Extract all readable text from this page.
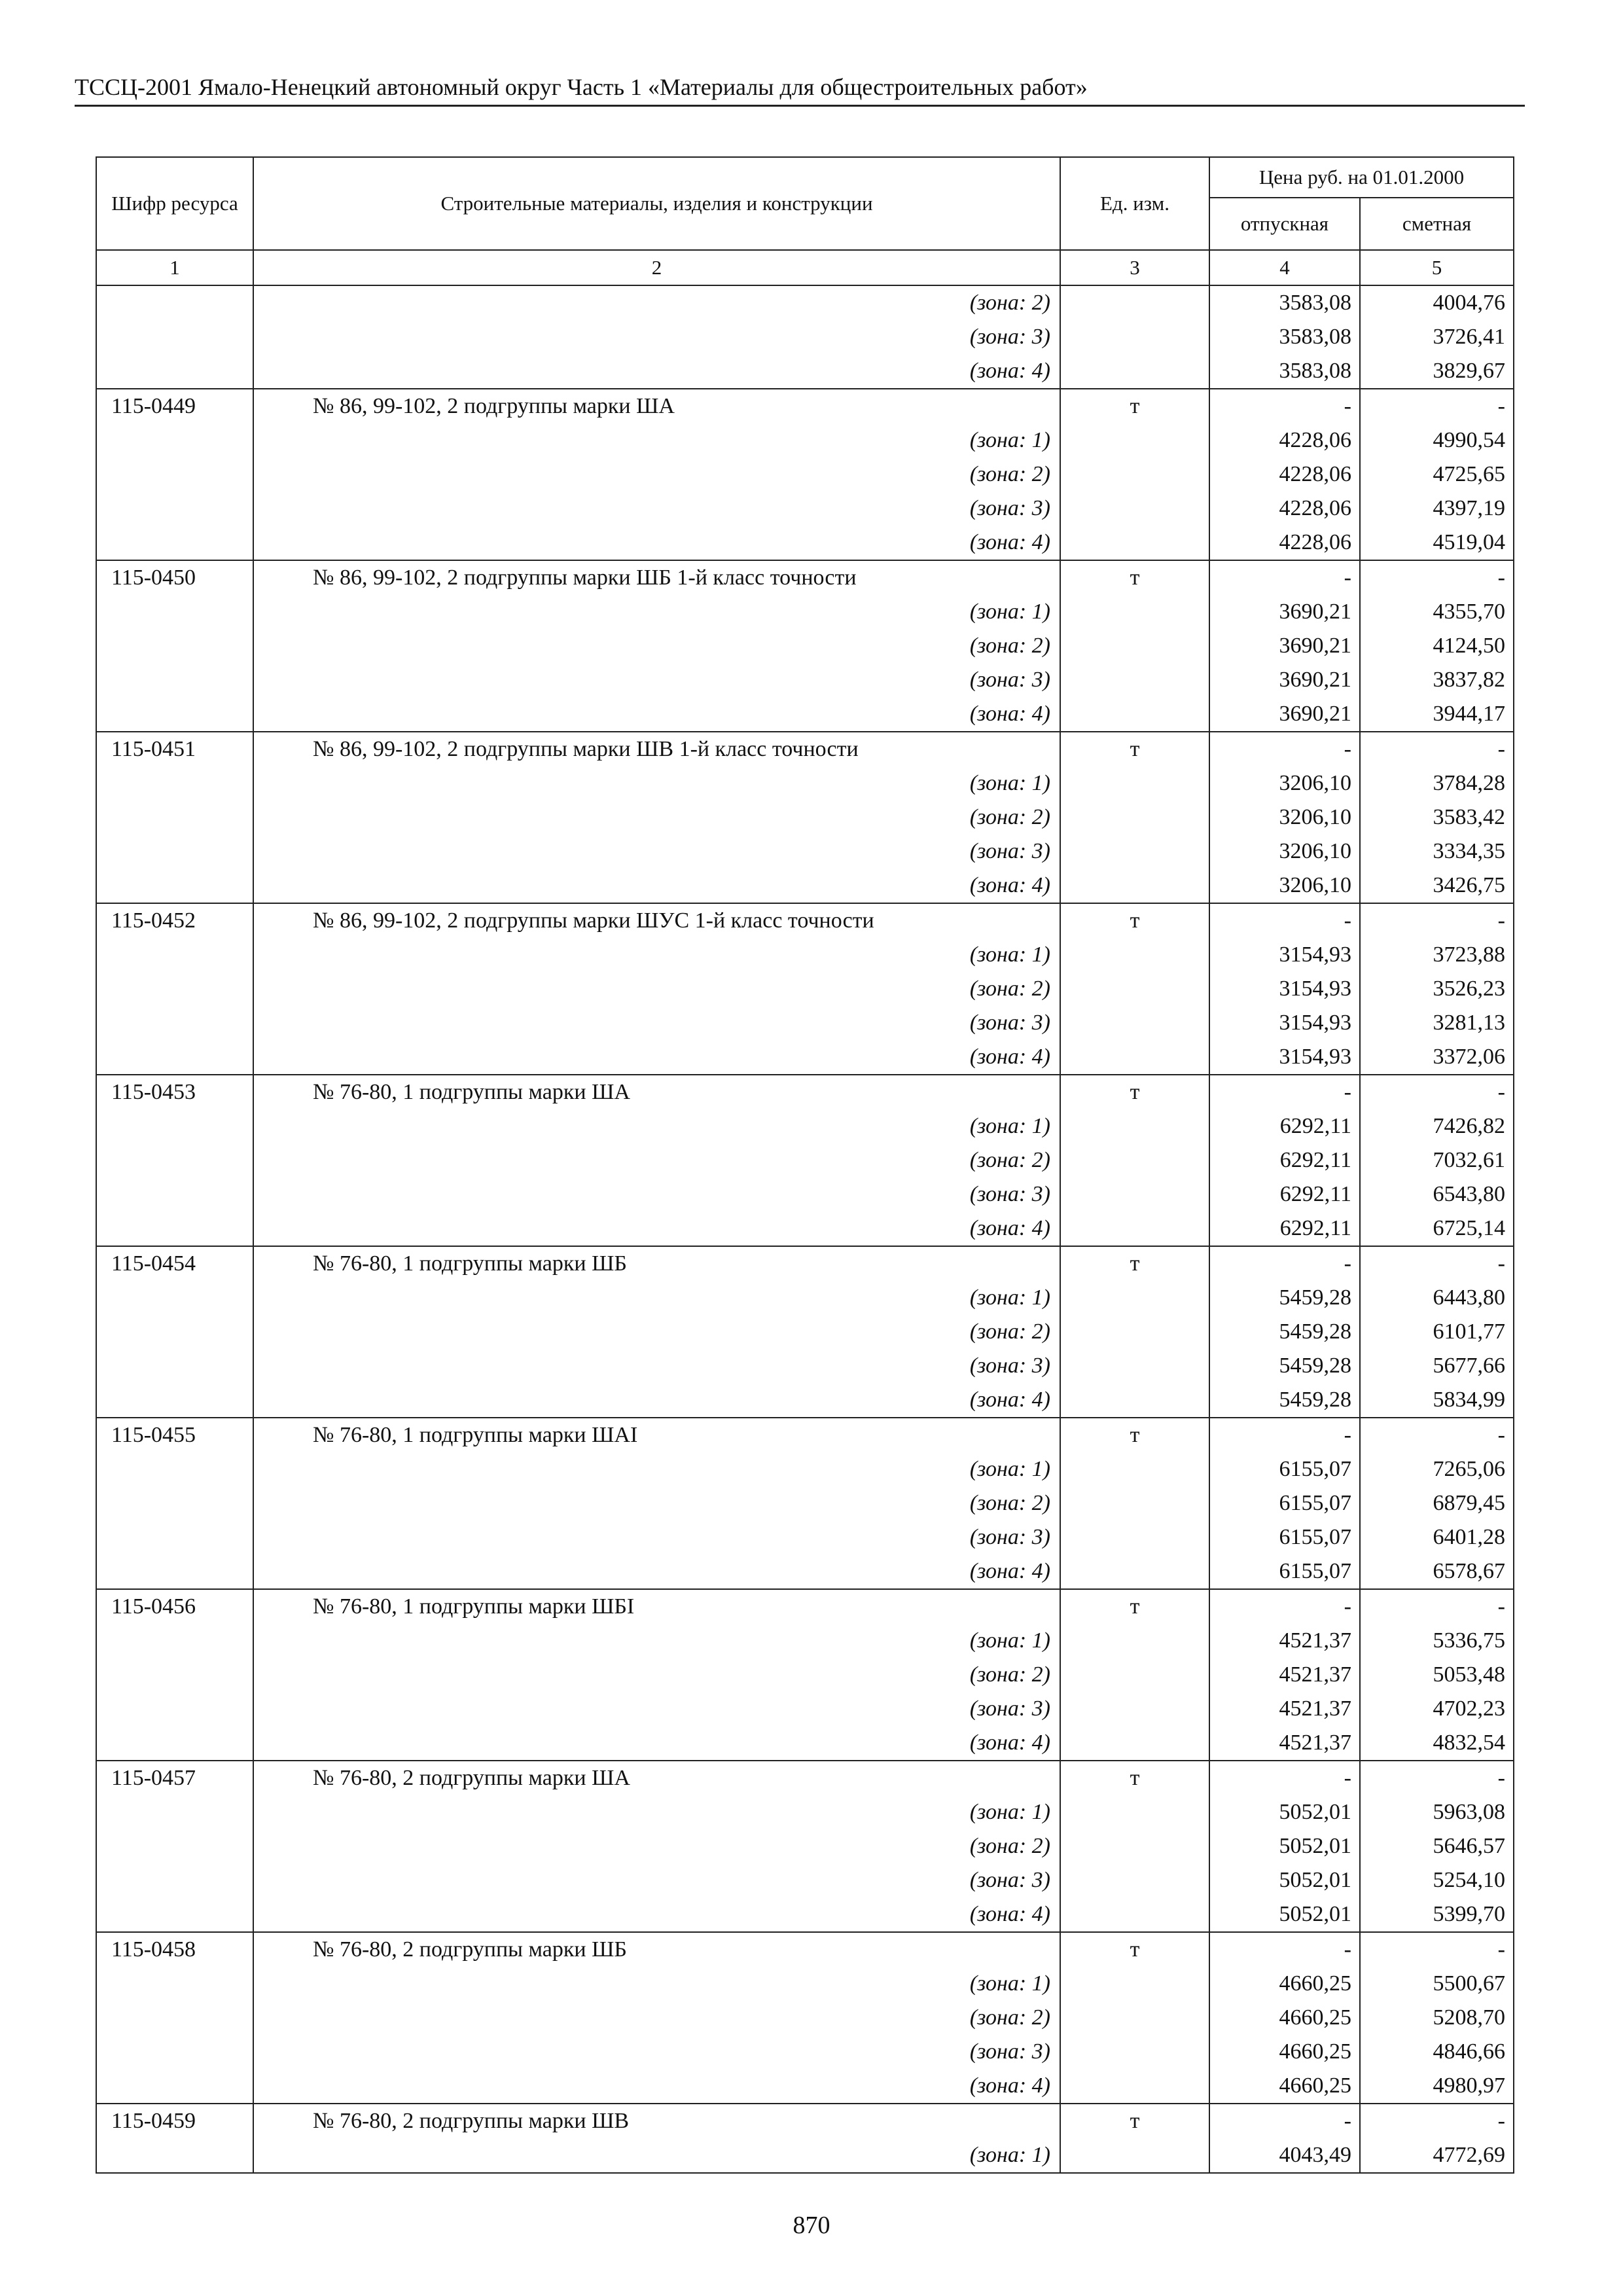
ТССЦ-2001 Ямало-Ненецкий автономный округ Часть 1 «Материалы для общестроительных работ»
Шифр ресурса	Строительные материалы, изделия и конструкции	Ед. изм.	Цена руб. на 01.01.2000	
			отпускная	сметная
1	2	3	4	5
	(зона: 2)		3583,08	4004,76
	(зона: 3)		3583,08	3726,41
	(зона: 4)		3583,08	3829,67
115-0449	№ 86, 99-102, 2 подгруппы марки ША	т	-	-
	(зона: 1)		4228,06	4990,54
	(зона: 2)		4228,06	4725,65
	(зона: 3)		4228,06	4397,19
	(зона: 4)		4228,06	4519,04
115-0450	№ 86, 99-102, 2 подгруппы марки ШБ 1-й класс точности	т	-	-
	(зона: 1)		3690,21	4355,70
	(зона: 2)		3690,21	4124,50
	(зона: 3)		3690,21	3837,82
	(зона: 4)		3690,21	3944,17
115-0451	№ 86, 99-102, 2 подгруппы марки ШВ 1-й класс точности	т	-	-
	(зона: 1)		3206,10	3784,28
	(зона: 2)		3206,10	3583,42
	(зона: 3)		3206,10	3334,35
	(зона: 4)		3206,10	3426,75
115-0452	№ 86, 99-102, 2 подгруппы марки ШУС 1-й класс точности	т	-	-
	(зона: 1)		3154,93	3723,88
	(зона: 2)		3154,93	3526,23
	(зона: 3)		3154,93	3281,13
	(зона: 4)		3154,93	3372,06
115-0453	№ 76-80, 1 подгруппы марки ША	т	-	-
	(зона: 1)		6292,11	7426,82
	(зона: 2)		6292,11	7032,61
	(зона: 3)		6292,11	6543,80
	(зона: 4)		6292,11	6725,14
115-0454	№ 76-80, 1 подгруппы марки ШБ	т	-	-
	(зона: 1)		5459,28	6443,80
	(зона: 2)		5459,28	6101,77
	(зона: 3)		5459,28	5677,66
	(зона: 4)		5459,28	5834,99
115-0455	№ 76-80, 1 подгруппы марки ШАI	т	-	-
	(зона: 1)		6155,07	7265,06
	(зона: 2)		6155,07	6879,45
	(зона: 3)		6155,07	6401,28
	(зона: 4)		6155,07	6578,67
115-0456	№ 76-80, 1 подгруппы марки ШБI	т	-	-
	(зона: 1)		4521,37	5336,75
	(зона: 2)		4521,37	5053,48
	(зона: 3)		4521,37	4702,23
	(зона: 4)		4521,37	4832,54
115-0457	№ 76-80, 2 подгруппы марки ША	т	-	-
	(зона: 1)		5052,01	5963,08
	(зона: 2)		5052,01	5646,57
	(зона: 3)		5052,01	5254,10
	(зона: 4)		5052,01	5399,70
115-0458	№ 76-80, 2 подгруппы марки ШБ	т	-	-
	(зона: 1)		4660,25	5500,67
	(зона: 2)		4660,25	5208,70
	(зона: 3)		4660,25	4846,66
	(зона: 4)		4660,25	4980,97
115-0459	№ 76-80, 2 подгруппы марки ШВ	т	-	-
	(зона: 1)		4043,49	4772,69
870
